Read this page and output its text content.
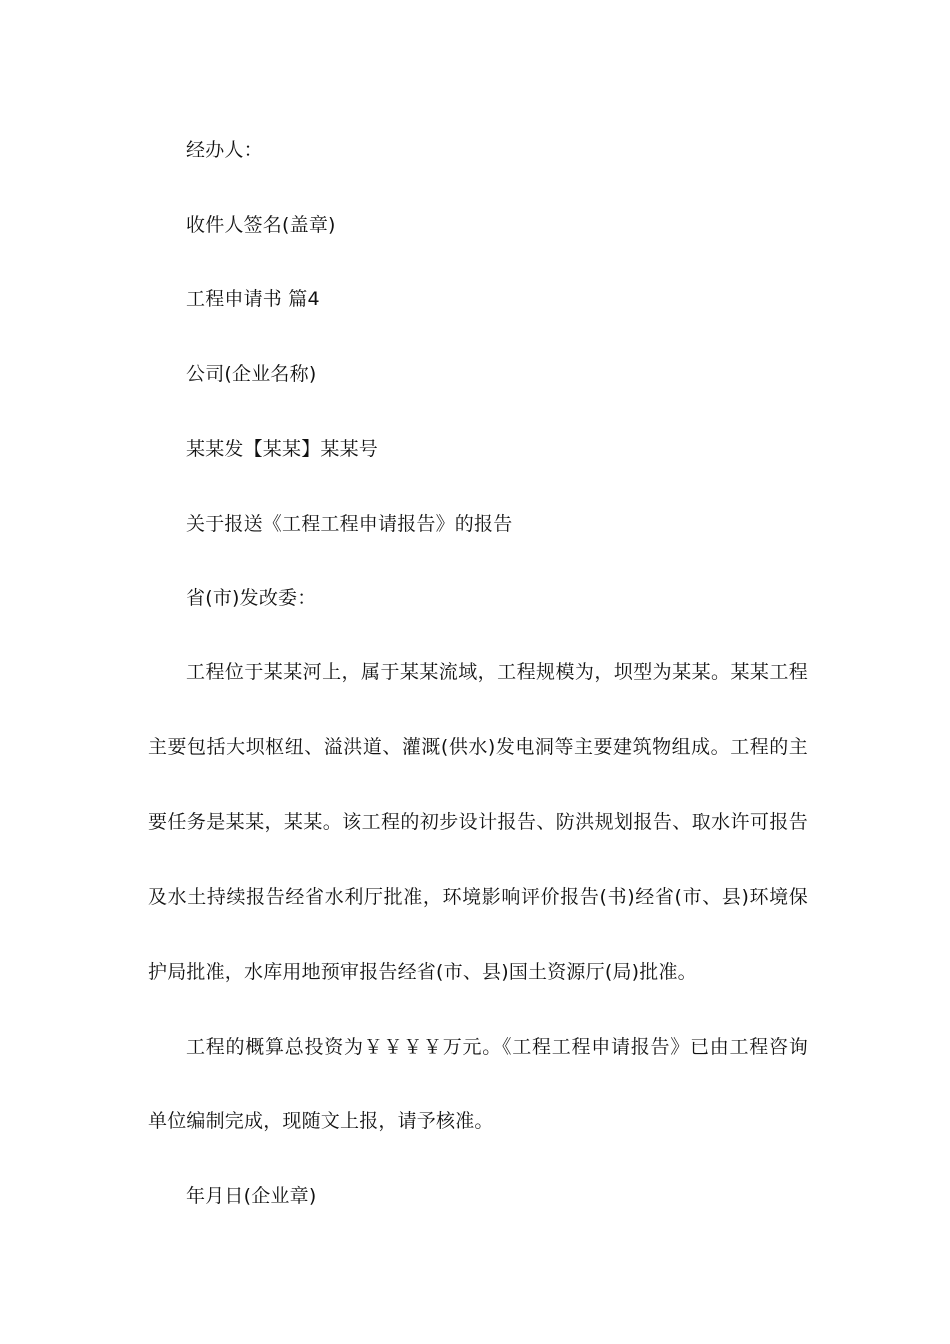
经办人：
收件人签名(盖章)
工程申请书 篇4
公司(企业名称)
某某发【某某】某某号
关于报送《工程工程申请报告》的报告
省(市)发改委：
工程位于某某河上，属于某某流域，工程规模为，坝型为某某。某某工程
主要包括大坝枢纽、溢洪道、灌溉(供水)发电洞等主要建筑物组成。工程的主
要任务是某某，某某。该工程的初步设计报告、防洪规划报告、取水许可报告
及水土持续报告经省水利厅批准，环境影响评价报告(书)经省(市、县)环境保
护局批准，水库用地预审报告经省(市、县)国土资源厅(局)批准。
工程的概算总投资为￥￥￥￥万元。《工程工程申请报告》已由工程咨询
单位编制完成，现随文上报，请予核准。
年月日(企业章)
